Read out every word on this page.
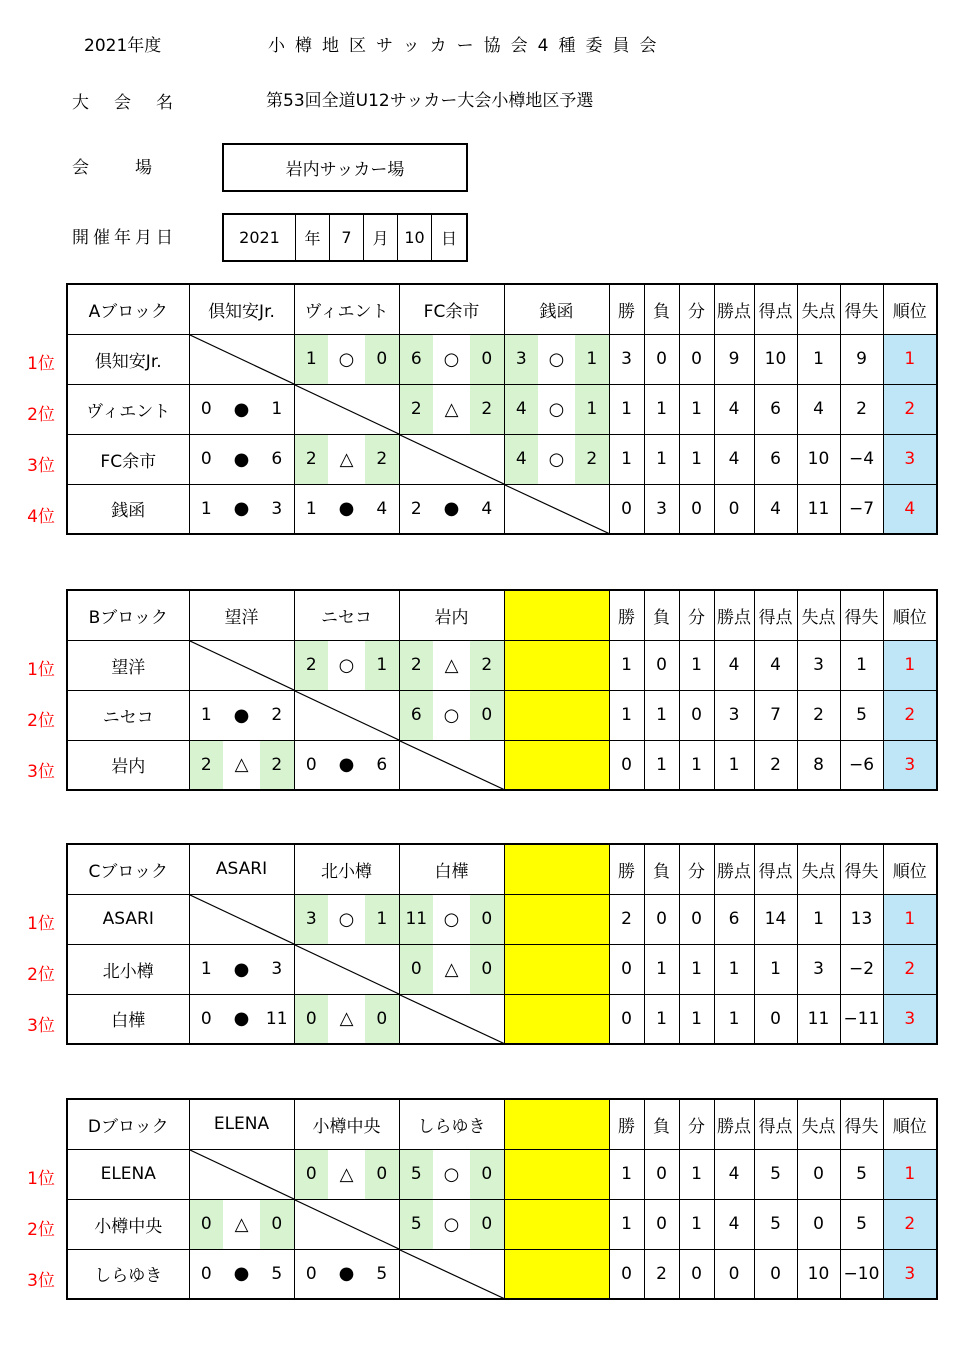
2021年度	小樽地区サッカー協会4種委員会
大　会　名	第53回全道U12サッカー大会小樽地区予選
会　　場	岩内サッカー場
開催年月日	2021	年	7	月 10	日
1位
2位
3位
4位
Aブロック	倶知安Jr.	ヴィエント	FC余市	銭函	勝	負	分	勝点	得点	失点	得失	順位
倶知安Jr.		1 ○ 0	6 ○ 0	3 ○ 1	3	0	0	9	10	1	9	1
ヴィエント	0 ● 1		2 △ 2	4 ○ 1	1	1	1	4	6	4	2	2
FC余市	0 ● 6	2 △ 2		4 ○ 2	1	1	1	4	6	10	−4	3
銭函	1 ● 3	1 ● 4	2 ● 4		0	3	0	0	4	11	−7	4
1位
2位
3位
Bブロック	望洋	ニセコ	岩内		勝	負	分	勝点	得点	失点	得失	順位
望洋		2 ○ 1	2 △ 2		1	0	1	4	4	3	1	1
ニセコ	1 ● 2		6 ○ 0		1	1	0	3	7	2	5	2
岩内	2 △ 2	0 ● 6			0	1	1	1	2	8	−6	3
1位
2位
3位
Cブロック	ASARI	北小樽	白樺		勝	負	分	勝点	得点	失点	得失	順位
ASARI		3 ○ 1	11 ○ 0		2	0	0	6	14	1	13	1
北小樽	1 ● 3		0 △ 0		0	1	1	1	1	3	−2	2
白樺	0 ● 11	0 △ 0			0	1	1	1	0	11	−11	3
1位
2位
3位
Dブロック	ELENA	小樽中央	しらゆき		勝	負	分	勝点	得点	失点	得失	順位
ELENA		0 △ 0	5 ○ 0		1	0	1	4	5	0	5	1
小樽中央	0 △ 0		5 ○ 0		1	0	1	4	5	0	5	2
しらゆき	0 ● 5	0 ● 5			0	2	0	0	0	10	−10	3
